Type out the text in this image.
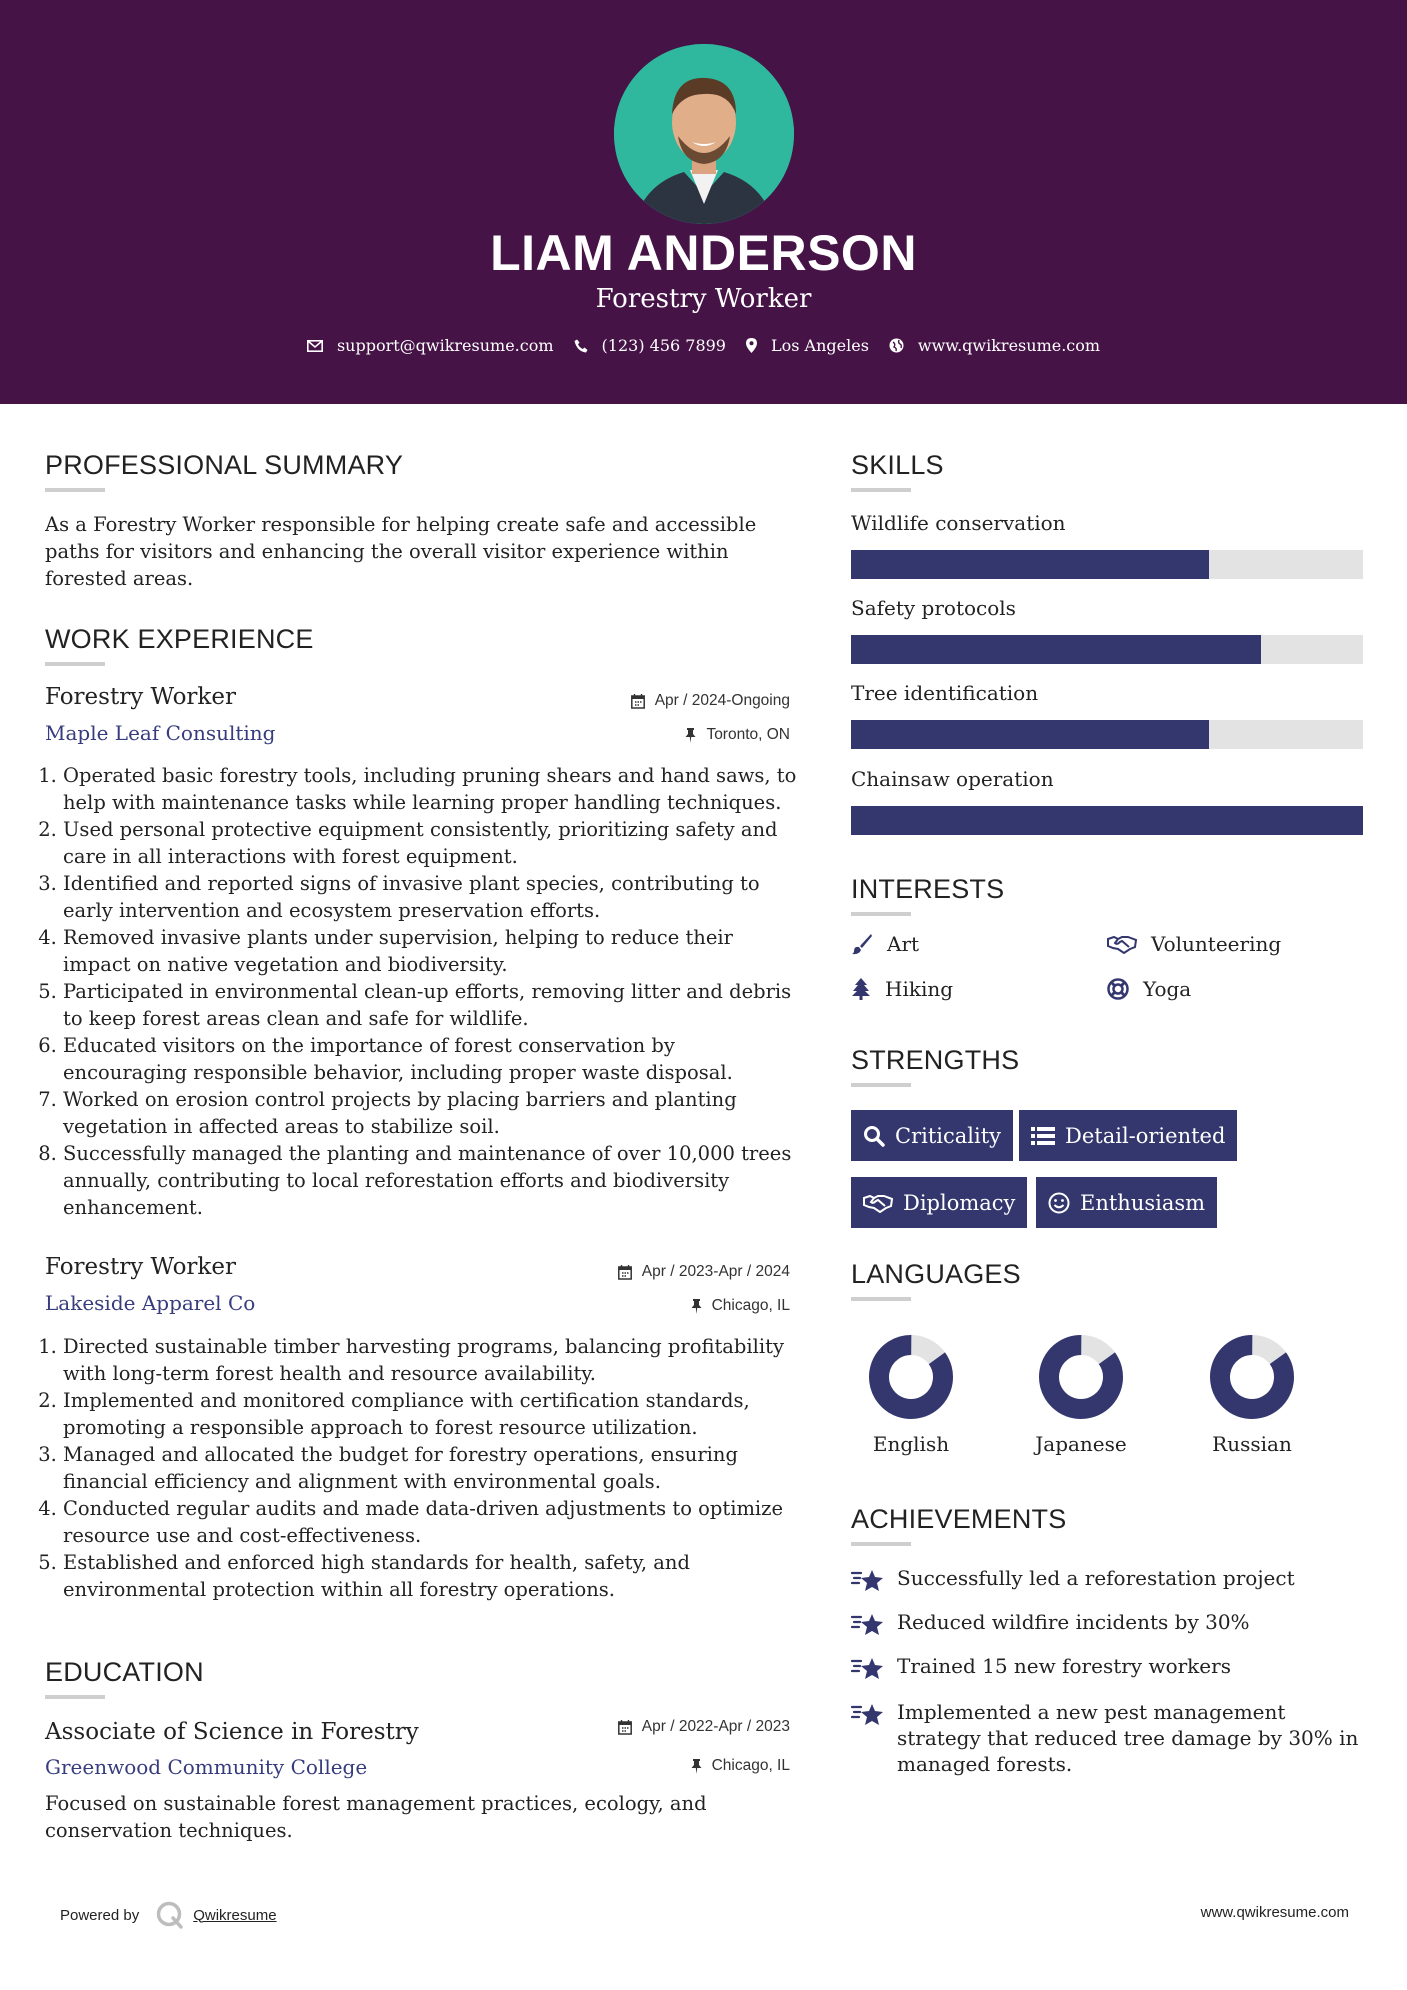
LIAM ANDERSON
Forestry Worker
support@qwikresume.com	(123) 456 7899	Los Angeles	www.qwikresume.com
PROFESSIONAL SUMMARY
As a Forestry Worker responsible for helping create safe and accessible paths for visitors and enhancing the overall visitor experience within forested areas.
WORK EXPERIENCE
Forestry Worker	Apr / 2024-Ongoing
Maple Leaf Consulting	Toronto, ON
1. Operated basic forestry tools, including pruning shears and hand saws, to help with maintenance tasks while learning proper handling techniques.
2. Used personal protective equipment consistently, prioritizing safety and care in all interactions with forest equipment.
3. Identified and reported signs of invasive plant species, contributing to early intervention and ecosystem preservation efforts.
4. Removed invasive plants under supervision, helping to reduce their impact on native vegetation and biodiversity.
5. Participated in environmental clean-up efforts, removing litter and debris to keep forest areas clean and safe for wildlife.
6. Educated visitors on the importance of forest conservation by encouraging responsible behavior, including proper waste disposal.
7. Worked on erosion control projects by placing barriers and planting vegetation in affected areas to stabilize soil.
8. Successfully managed the planting and maintenance of over 10,000 trees annually, contributing to local reforestation efforts and biodiversity enhancement.
Forestry Worker	Apr / 2023-Apr / 2024
Lakeside Apparel Co	Chicago, IL
1. Directed sustainable timber harvesting programs, balancing profitability with long-term forest health and resource availability.
2. Implemented and monitored compliance with certification standards, promoting a responsible approach to forest resource utilization.
3. Managed and allocated the budget for forestry operations, ensuring financial efficiency and alignment with environmental goals.
4. Conducted regular audits and made data-driven adjustments to optimize resource use and cost-effectiveness.
5. Established and enforced high standards for health, safety, and environmental protection within all forestry operations.
EDUCATION
Associate of Science in Forestry	Apr / 2022-Apr / 2023
Greenwood Community College	Chicago, IL
Focused on sustainable forest management practices, ecology, and conservation techniques.
SKILLS
Wildlife conservation
Safety protocols
Tree identification
Chainsaw operation
INTERESTS
Art	Volunteering
Hiking	Yoga
STRENGTHS
Criticality	Detail-oriented
Diplomacy	Enthusiasm
LANGUAGES
English	Japanese	Russian
ACHIEVEMENTS
Successfully led a reforestation project
Reduced wildfire incidents by 30%
Trained 15 new forestry workers
Implemented a new pest management strategy that reduced tree damage by 30% in managed forests.
Powered by	Qwikresume	www.qwikresume.com
